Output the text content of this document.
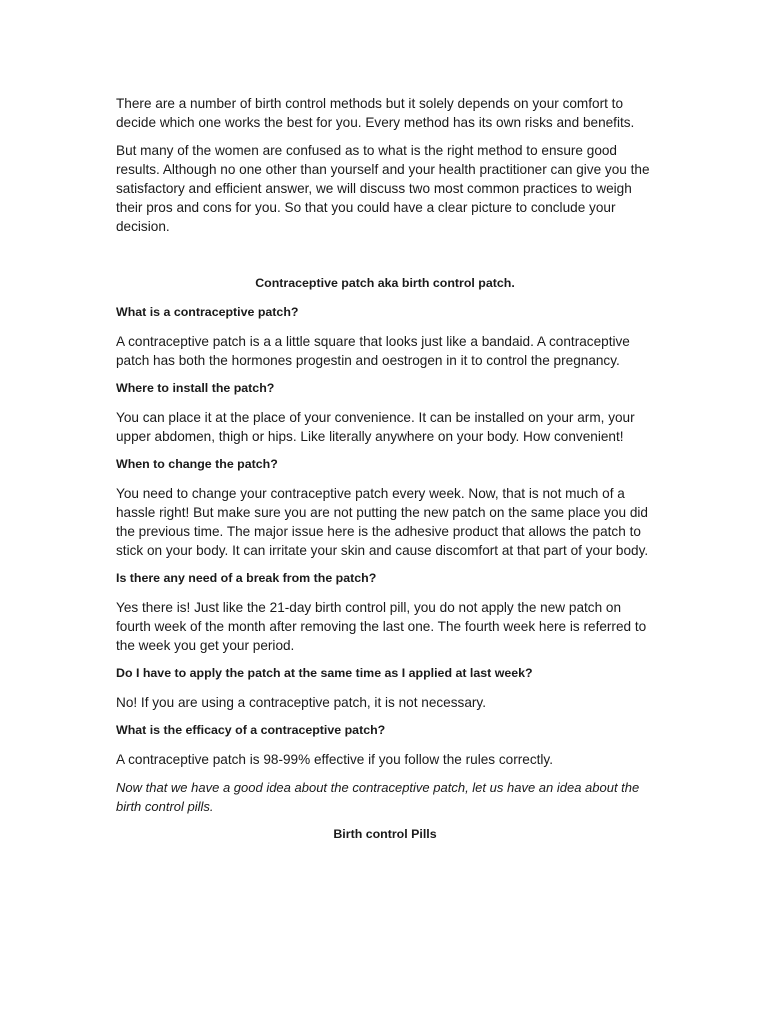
There are a number of birth control methods but it solely depends on your comfort to decide which one works the best for you. Every method has its own risks and benefits.

But many of the women are confused as to what is the right method to ensure good results. Although no one other than yourself and your health practitioner can give you the satisfactory and efficient answer, we will discuss two most common practices to weigh their pros and cons for you. So that you could have a clear picture to conclude your decision.

Contraceptive patch aka birth control patch.

What is a contraceptive patch?

A contraceptive patch is a a little square that looks just like a bandaid. A contraceptive patch has both the hormones progestin and oestrogen in it to control the pregnancy.

Where to install the patch?

You can place it at the place of your convenience. It can be installed on your arm, your upper abdomen, thigh or hips. Like literally anywhere on your body. How convenient!

When to change the patch?

You need to change your contraceptive patch every week. Now, that is not much of a hassle right! But make sure you are not putting the new patch on the same place you did the previous time. The major issue here is the adhesive product that allows the patch to stick on your body. It can irritate your skin and cause discomfort at that part of your body.

Is there any need of a break from the patch?

Yes there is! Just like the 21-day birth control pill, you do not apply the new patch on fourth week of the month after removing the last one. The fourth week here is referred to the week you get your period.

Do I have to apply the patch at the same time as I applied at last week?

No! If you are using a contraceptive patch, it is not necessary.

What is the efficacy of a contraceptive patch?

A contraceptive patch is 98-99% effective if you follow the rules correctly.

Now that we have a good idea about the contraceptive patch, let us have an idea about the birth control pills.

Birth control Pills
